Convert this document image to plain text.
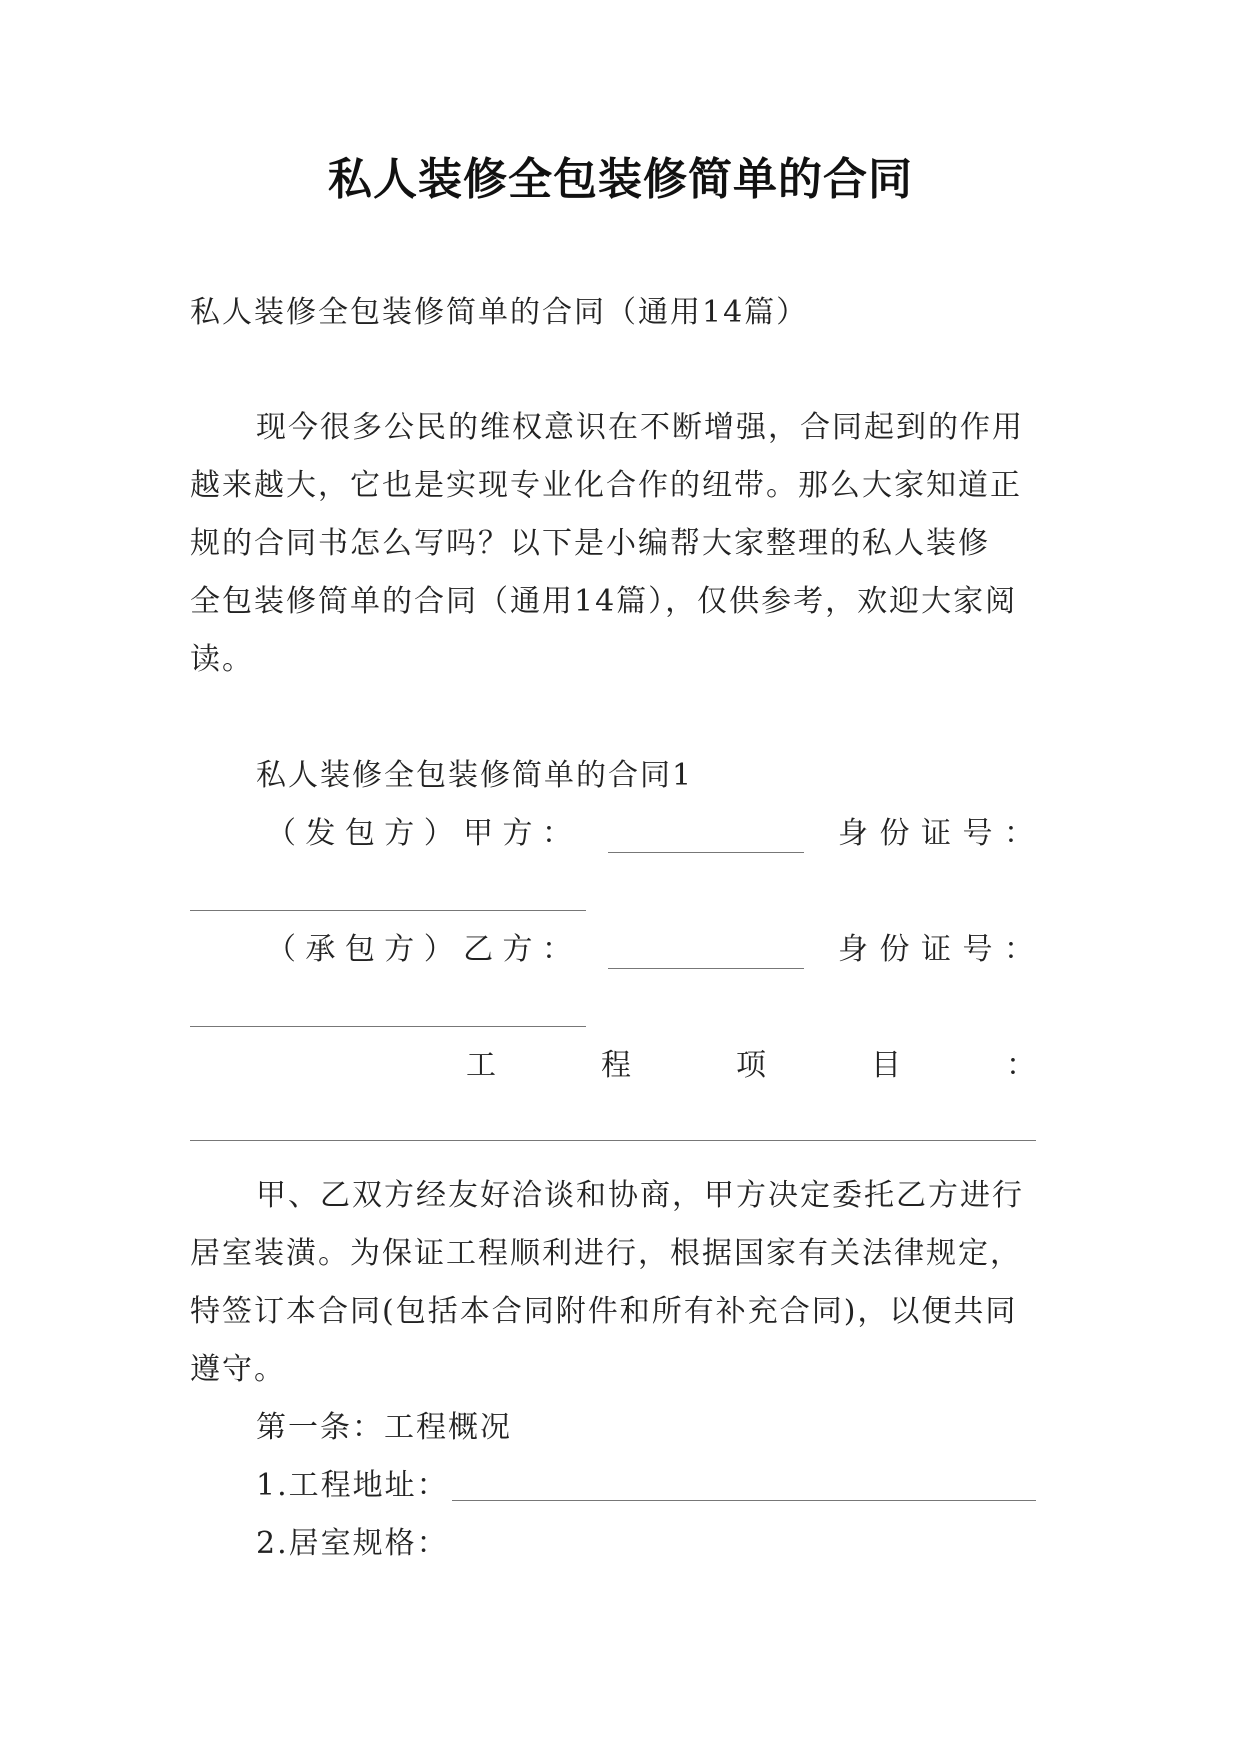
私人装修全包装修简单的合同
私人装修全包装修简单的合同（通用14篇）
现今很多公民的维权意识在不断增强，合同起到的作用
越来越大，它也是实现专业化合作的纽带。那么大家知道正
规的合同书怎么写吗？以下是小编帮大家整理的私人装修
全包装修简单的合同（通用14篇），仅供参考，欢迎大家阅
读。
私人装修全包装修简单的合同1
（ 发 包 方 ） 甲 方 ：	身 份 证 号 ：
（ 承 包 方 ） 乙 方 ：	身 份 证 号 ：
工	程	项	目	：
甲、乙双方经友好洽谈和协商，甲方决定委托乙方进行
居室装潢。为保证工程顺利进行，根据国家有关法律规定，
特签订本合同(包括本合同附件和所有补充合同)，以便共同
遵守。
第一条：工程概况
1.工程地址：
2.居室规格：
